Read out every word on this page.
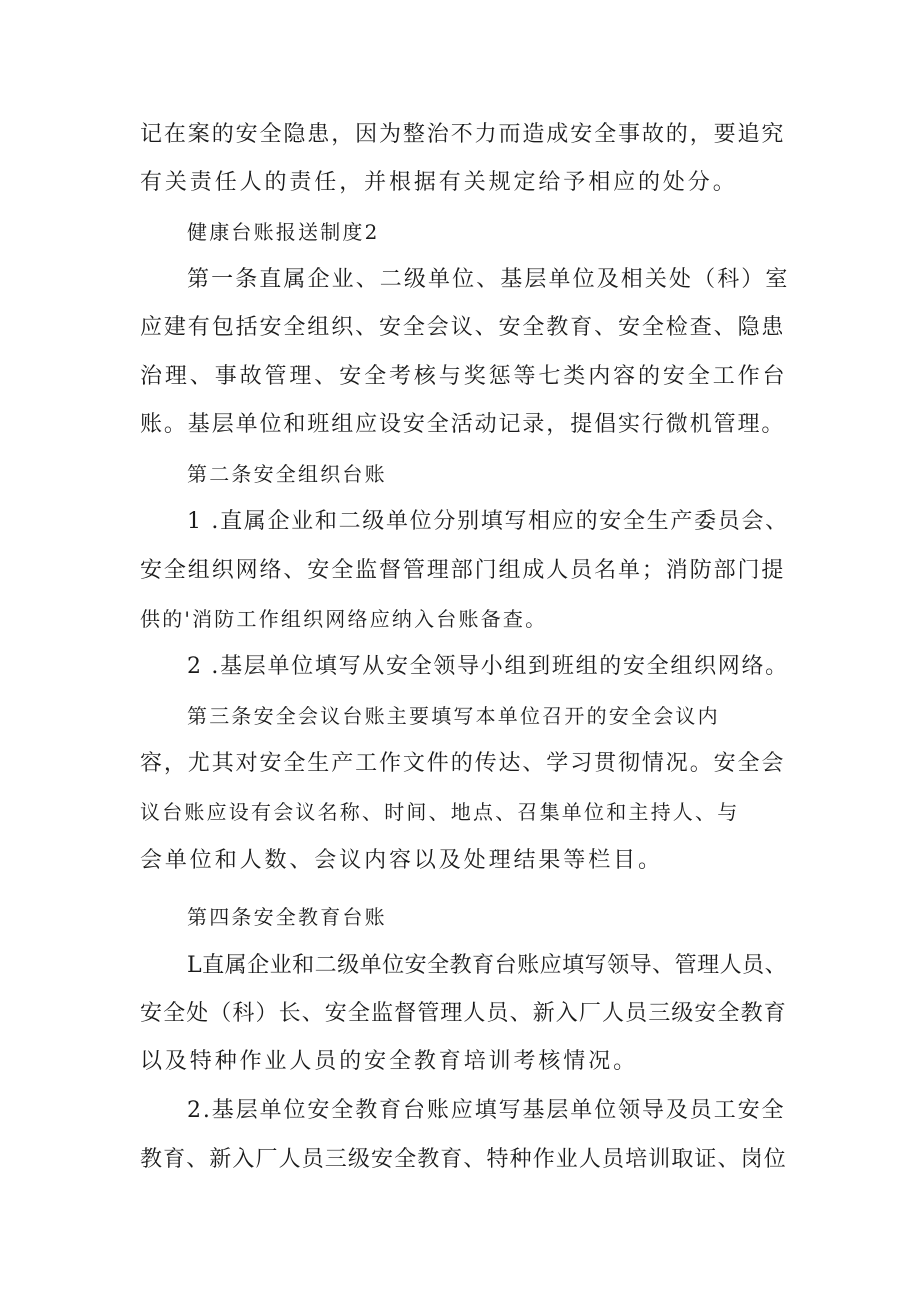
记在案的安全隐患，因为整治不力而造成安全事故的，要追究
有关责任人的责任，并根据有关规定给予相应的处分。
健康台账报送制度2
第一条直属企业、二级单位、基层单位及相关处（科）室
应建有包括安全组织、安全会议、安全教育、安全检查、隐患
治理、事故管理、安全考核与奖惩等七类内容的安全工作台
账。基层单位和班组应设安全活动记录，提倡实行微机管理。
第二条安全组织台账
1 .直属企业和二级单位分别填写相应的安全生产委员会、
安全组织网络、安全监督管理部门组成人员名单；消防部门提
供的'消防工作组织网络应纳入台账备查。
2 .基层单位填写从安全领导小组到班组的安全组织网络。
第三条安全会议台账主要填写本单位召开的安全会议内
容，尤其对安全生产工作文件的传达、学习贯彻情况。安全会
议台账应设有会议名称、时间、地点、召集单位和主持人、与
会单位和人数、会议内容以及处理结果等栏目。
第四条安全教育台账
L直属企业和二级单位安全教育台账应填写领导、管理人员、
安全处（科）长、安全监督管理人员、新入厂人员三级安全教育
以及特种作业人员的安全教育培训考核情况。
2.基层单位安全教育台账应填写基层单位领导及员工安全
教育、新入厂人员三级安全教育、特种作业人员培训取证、岗位
